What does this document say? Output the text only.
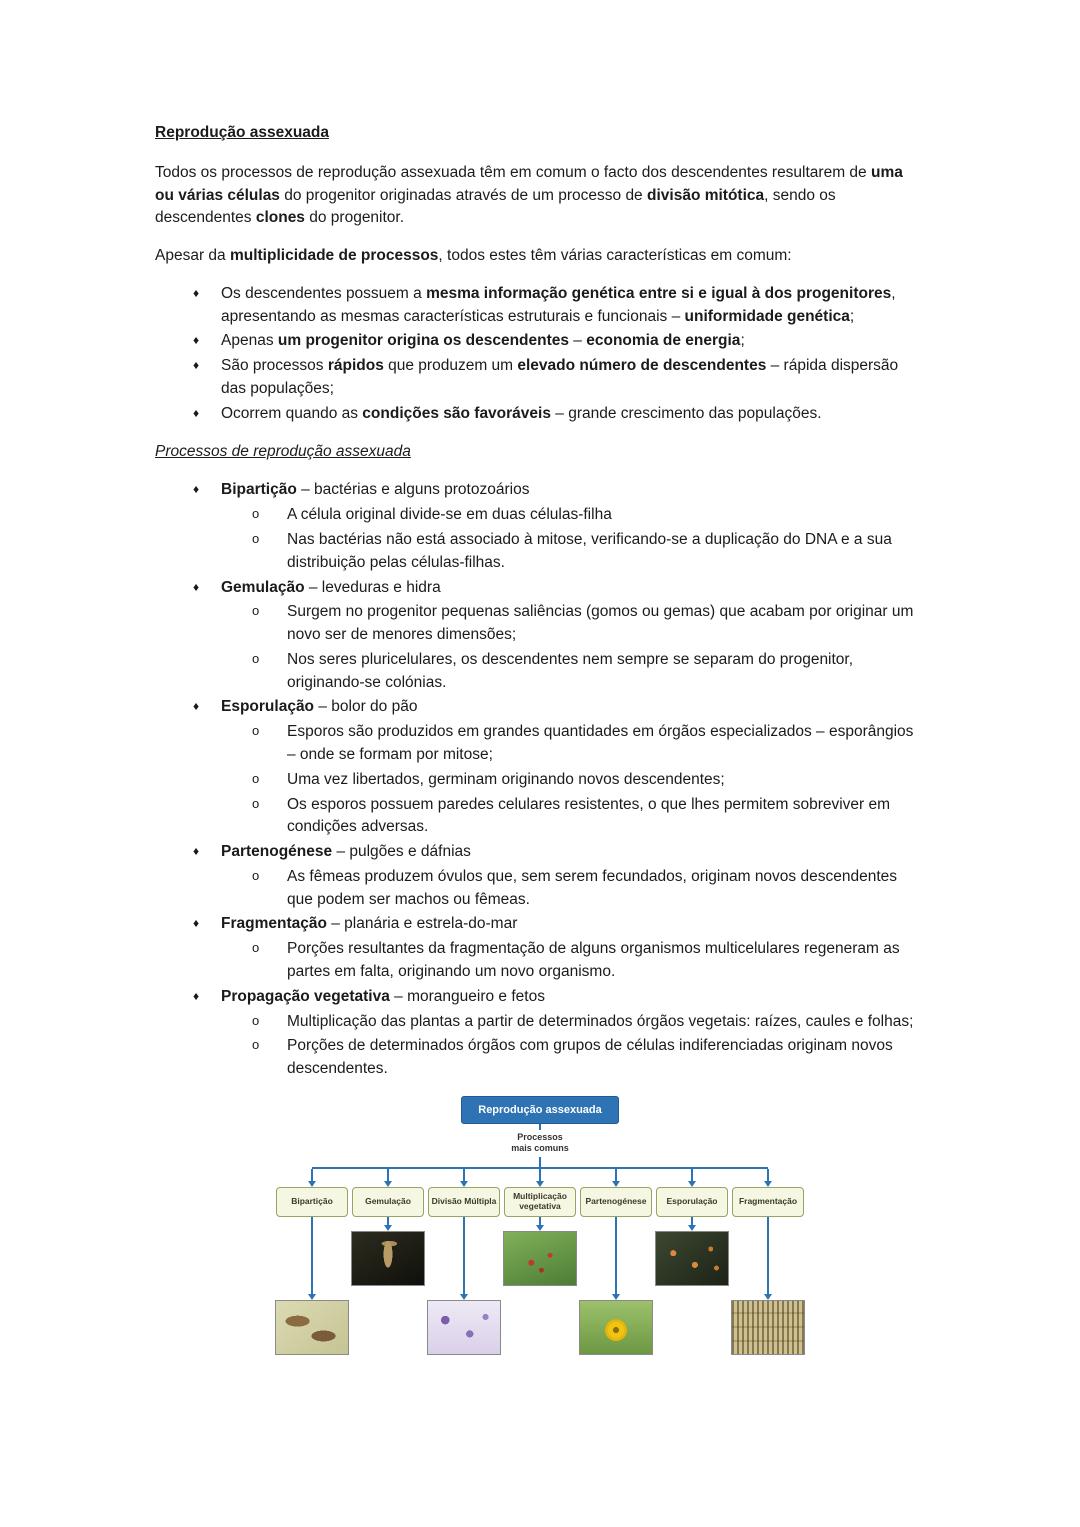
Reprodução assexuada

Todos os processos de reprodução assexuada têm em comum o facto dos descendentes resultarem de uma ou várias células do progenitor originadas através de um processo de divisão mitótica, sendo os descendentes clones do progenitor.

Apesar da multiplicidade de processos, todos estes têm várias características em comum:

♦	Os descendentes possuem a mesma informação genética entre si e igual à dos progenitores, apresentando as mesmas características estruturais e funcionais – uniformidade genética;
♦	Apenas um progenitor origina os descendentes – economia de energia;
♦	São processos rápidos que produzem um elevado número de descendentes – rápida dispersão das populações;
♦	Ocorrem quando as condições são favoráveis – grande crescimento das populações.
Processos de reprodução assexuada
♦	Bipartição – bactérias e alguns protozoários
o	A célula original divide-se em duas células-filha
o	Nas bactérias não está associado à mitose, verificando-se a duplicação do DNA e a sua distribuição pelas células-filhas.
♦	Gemulação – leveduras e hidra
o	Surgem no progenitor pequenas saliências (gomos ou gemas) que acabam por originar um novo ser de menores dimensões;
o	Nos seres pluricelulares, os descendentes nem sempre se separam do progenitor, originando-se colónias.
♦	Esporulação – bolor do pão
o	Esporos são produzidos em grandes quantidades em órgãos especializados – esporângios – onde se formam por mitose;
o	Uma vez libertados, germinam originando novos descendentes;
o	Os esporos possuem paredes celulares resistentes, o que lhes permitem sobreviver em condições adversas.
♦	Partenogénese – pulgões e dáfnias
o	As fêmeas produzem óvulos que, sem serem fecundados, originam novos descendentes que podem ser machos ou fêmeas.
♦	Fragmentação – planária e estrela-do-mar
o	Porções resultantes da fragmentação de alguns organismos multicelulares regeneram as partes em falta, originando um novo organismo.
♦	Propagação vegetativa – morangueiro e fetos
o	Multiplicação das plantas a partir de determinados órgãos vegetais: raízes, caules e folhas;
o	Porções de determinados órgãos com grupos de células indiferenciadas originam novos descendentes.
Reprodução assexuada
Processos
mais comuns
Bipartição	Gemulação	Divisão Múltipla	Multiplicação vegetativa	Partenogénese	Esporulação	Fragmentação
